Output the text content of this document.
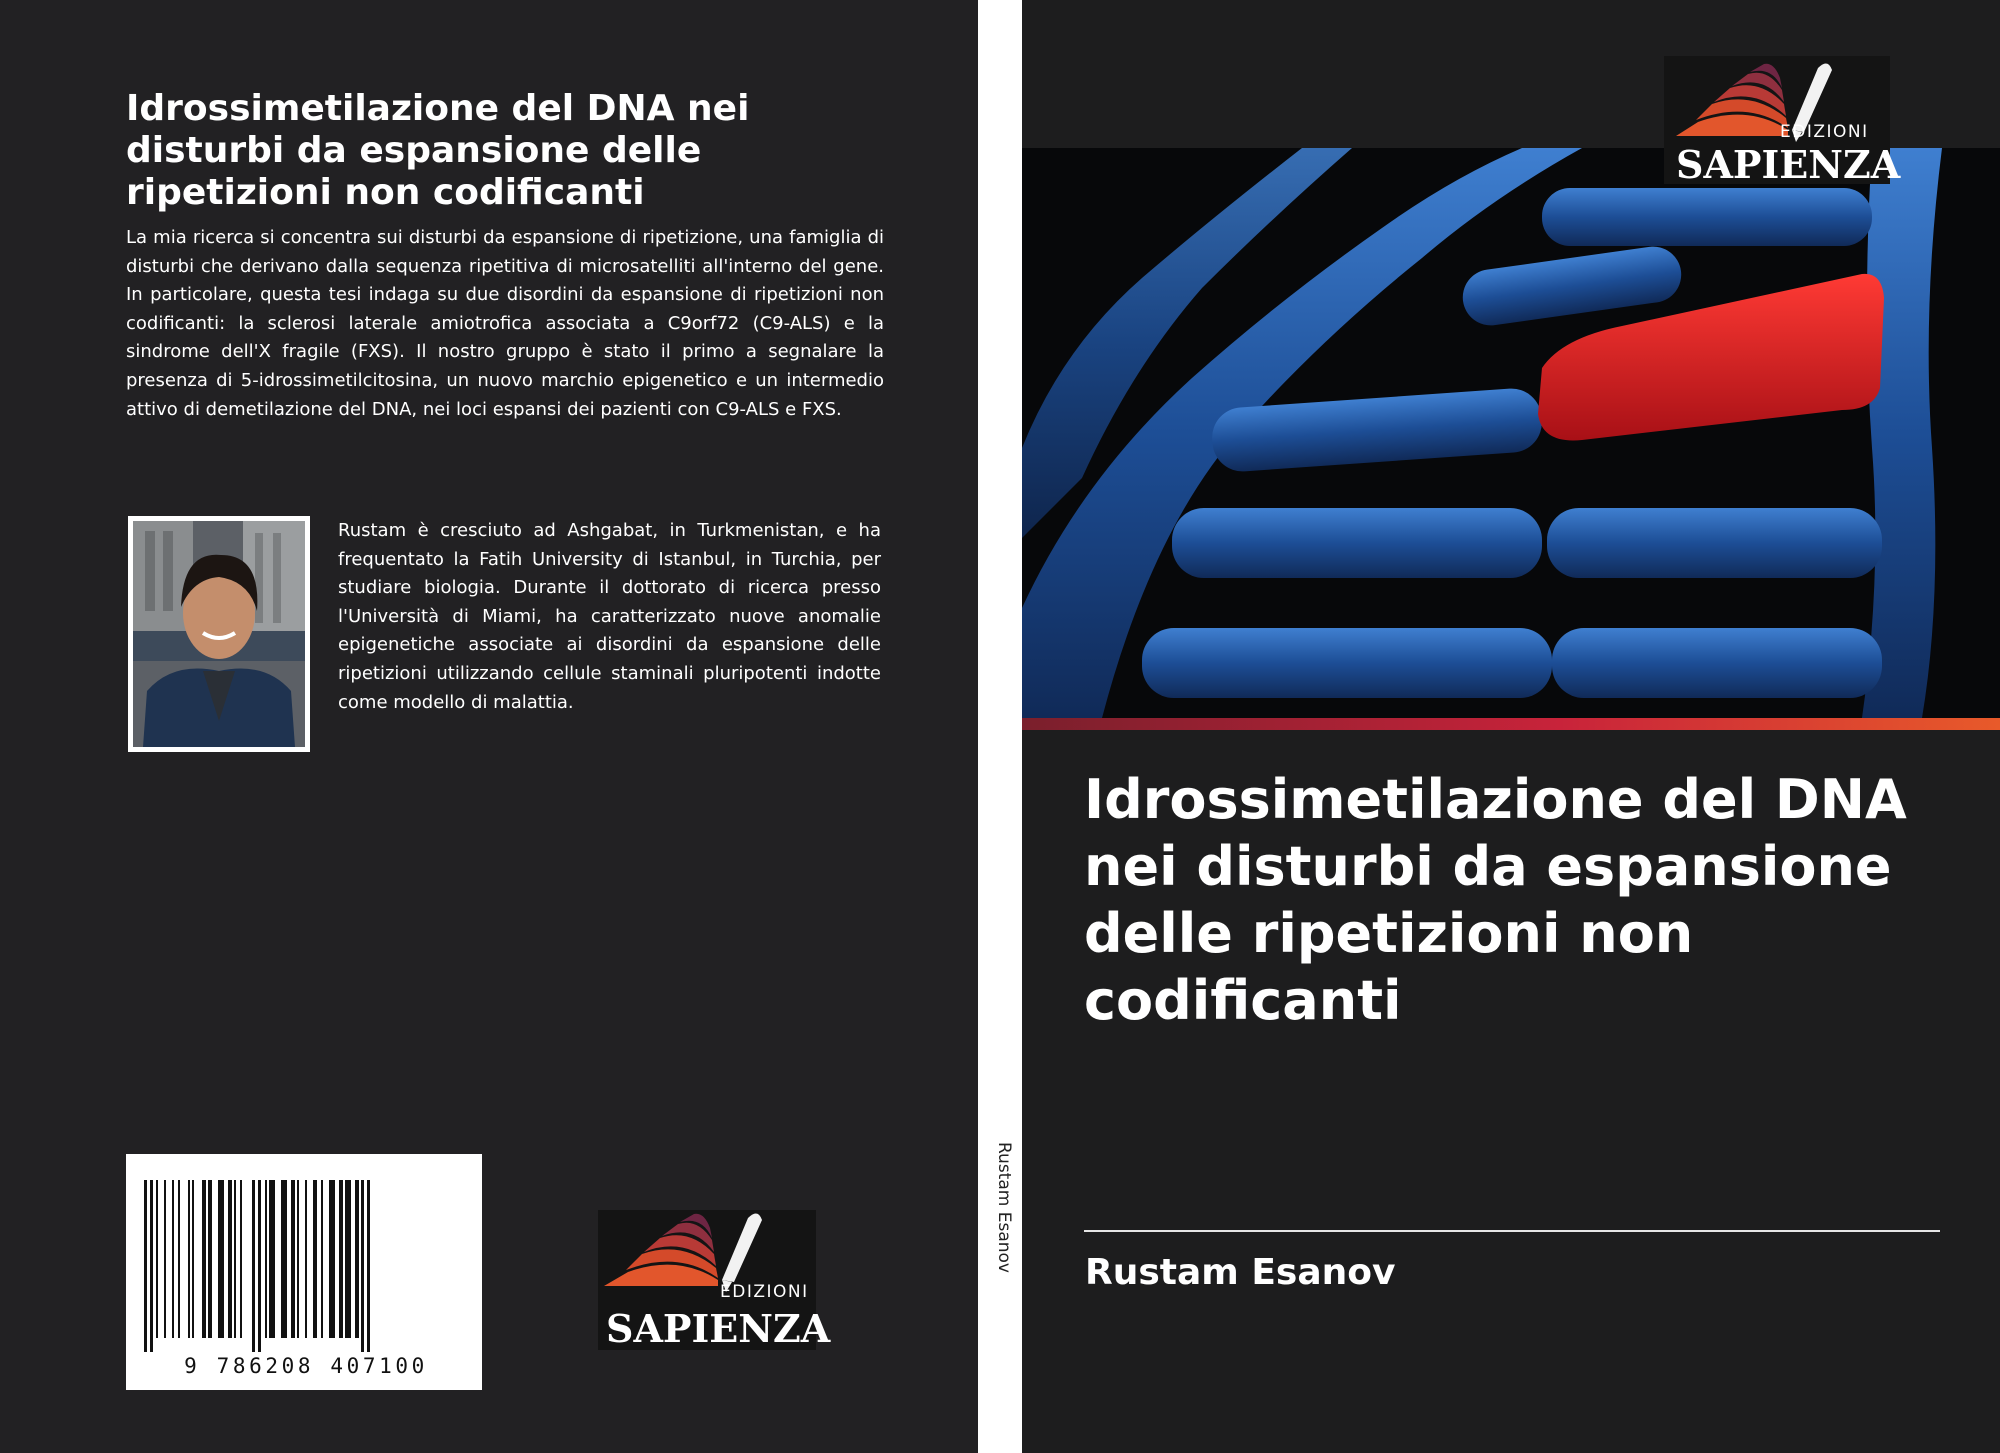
Idrossimetilazione del DNA nei disturbi da espansione delle ripetizioni non codificanti

La mia ricerca si concentra sui disturbi da espansione di ripetizione, una famiglia di disturbi che derivano dalla sequenza ripetitiva di microsatelliti all'interno del gene. In particolare, questa tesi indaga su due disordini da espansione di ripetizioni non codificanti: la sclerosi laterale amiotrofica associata a C9orf72 (C9-ALS) e la sindrome dell'X fragile (FXS). Il nostro gruppo è stato il primo a segnalare la presenza di 5-idrossimetilcitosina, un nuovo marchio epigenetico e un intermedio attivo di demetilazione del DNA, nei loci espansi dei pazienti con C9-ALS e FXS.

Rustam è cresciuto ad Ashgabat, in Turkmenistan, e ha frequentato la Fatih University di Istanbul, in Turchia, per studiare biologia. Durante il dottorato di ricerca presso l'Università di Miami, ha caratterizzato nuove anomalie epigenetiche associate ai disordini da espansione delle ripetizioni utilizzando cellule staminali pluripotenti indotte come modello di malattia.

9 786208 407100
EDIZIONI
SAPIENZA
Rustam Esanov
EDIZIONI
SAPIENZA
Idrossimetilazione del DNA nei disturbi da espansione delle ripetizioni non codificanti

Rustam Esanov
